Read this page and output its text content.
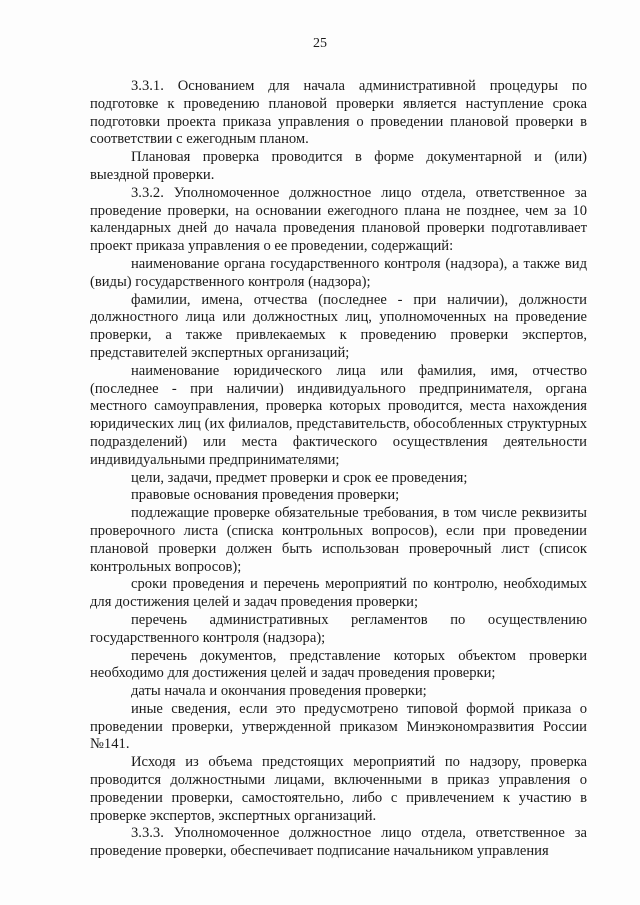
25

3.3.1. Основанием для начала административной процедуры по подготовке к проведению плановой проверки является наступление срока подготовки проекта приказа управления о проведении плановой проверки в соответствии с ежегодным планом.

Плановая проверка проводится в форме документарной и (или) выездной проверки.

3.3.2. Уполномоченное должностное лицо отдела, ответственное за проведение проверки, на основании ежегодного плана не позднее, чем за 10 календарных дней до начала проведения плановой проверки подготавливает проект приказа управления о ее проведении, содержащий:

наименование органа государственного контроля (надзора), а также вид (виды) государственного контроля (надзора);

фамилии, имена, отчества (последнее - при наличии), должности должностного лица или должностных лиц, уполномоченных на проведение проверки, а также привлекаемых к проведению проверки экспертов, представителей экспертных организаций;

наименование юридического лица или фамилия, имя, отчество (последнее - при наличии) индивидуального предпринимателя, органа местного самоуправления, проверка которых проводится, места нахождения юридических лиц (их филиалов, представительств, обособленных структурных подразделений) или места фактического осуществления деятельности индивидуальными предпринимателями;

цели, задачи, предмет проверки и срок ее проведения;

правовые основания проведения проверки;

подлежащие проверке обязательные требования, в том числе реквизиты проверочного листа (списка контрольных вопросов), если при проведении плановой проверки должен быть использован проверочный лист (список контрольных вопросов);

сроки проведения и перечень мероприятий по контролю, необходимых для достижения целей и задач проведения проверки;

перечень административных регламентов по осуществлению государственного контроля (надзора);

перечень документов, представление которых объектом проверки необходимо для достижения целей и задач проведения проверки;

даты начала и окончания проведения проверки;

иные сведения, если это предусмотрено типовой формой приказа о проведении проверки, утвержденной приказом Минэкономразвития России №141.

Исходя из объема предстоящих мероприятий по надзору, проверка проводится должностными лицами, включенными в приказ управления о проведении проверки, самостоятельно, либо с привлечением к участию в проверке экспертов, экспертных организаций.

3.3.3. Уполномоченное должностное лицо отдела, ответственное за проведение проверки, обеспечивает подписание начальником управления
